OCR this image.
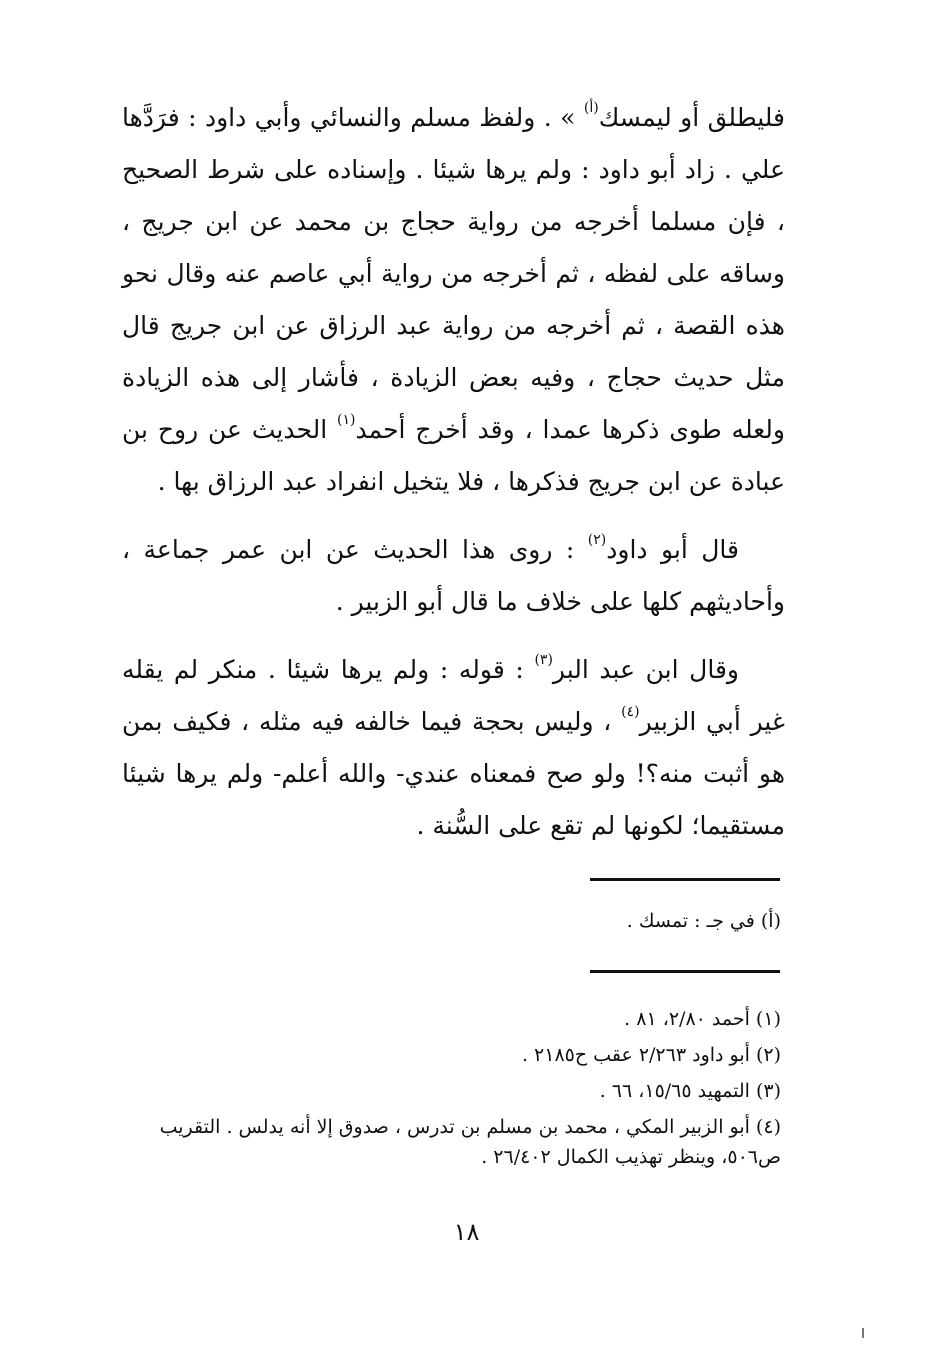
فليطلق أو ليمسك$^{(أ)}$ » . ولفظ مسلم والنسائي وأبي داود : فرَدَّها علي . زاد أبو داود : ولم يرها شيئا . وإسناده على شرط الصحيح ، فإن مسلما أخرجه من رواية حجاج بن محمد عن ابن جريج ، وساقه على لفظه ، ثم أخرجه من رواية أبي عاصم عنه وقال نحو هذه القصة ، ثم أخرجه من رواية عبد الرزاق عن ابن جريج قال مثل حديث حجاج ، وفيه بعض الزيادة ، فأشار إلى هذه الزيادة ولعله طوى ذكرها عمدا ، وقد أخرج أحمد$^{(١)}$ الحديث عن روح بن عبادة عن ابن جريج فذكرها ، فلا يتخيل انفراد عبد الرزاق بها .

قال أبو داود$^{(٢)}$ : روى هذا الحديث عن ابن عمر جماعة ، وأحاديثهم كلها على خلاف ما قال أبو الزبير .

وقال ابن عبد البر$^{(٣)}$ : قوله : ولم يرها شيئا . منكر لم يقله غير أبي الزبير$^{(٤)}$ ، وليس بحجة فيما خالفه فيه مثله ، فكيف بمن هو أثبت منه؟! ولو صح فمعناه عندي- والله أعلم- ولم يرها شيئا مستقيما؛ لكونها لم تقع على السُّنة .

(أ) في جـ : تمسك .
(١) أحمد ٢/٨٠، ٨١ .
(٢) أبو داود ٢/٢٦٣ عقب ح٢١٨٥ .
(٣) التمهيد ١٥/٦٥، ٦٦ .
(٤) أبو الزبير المكي ، محمد بن مسلم بن تدرس ، صدوق إلا أنه يدلس . التقريب ص٥٠٦، وينظر تهذيب الكمال ٢٦/٤٠٢ .
١٨
